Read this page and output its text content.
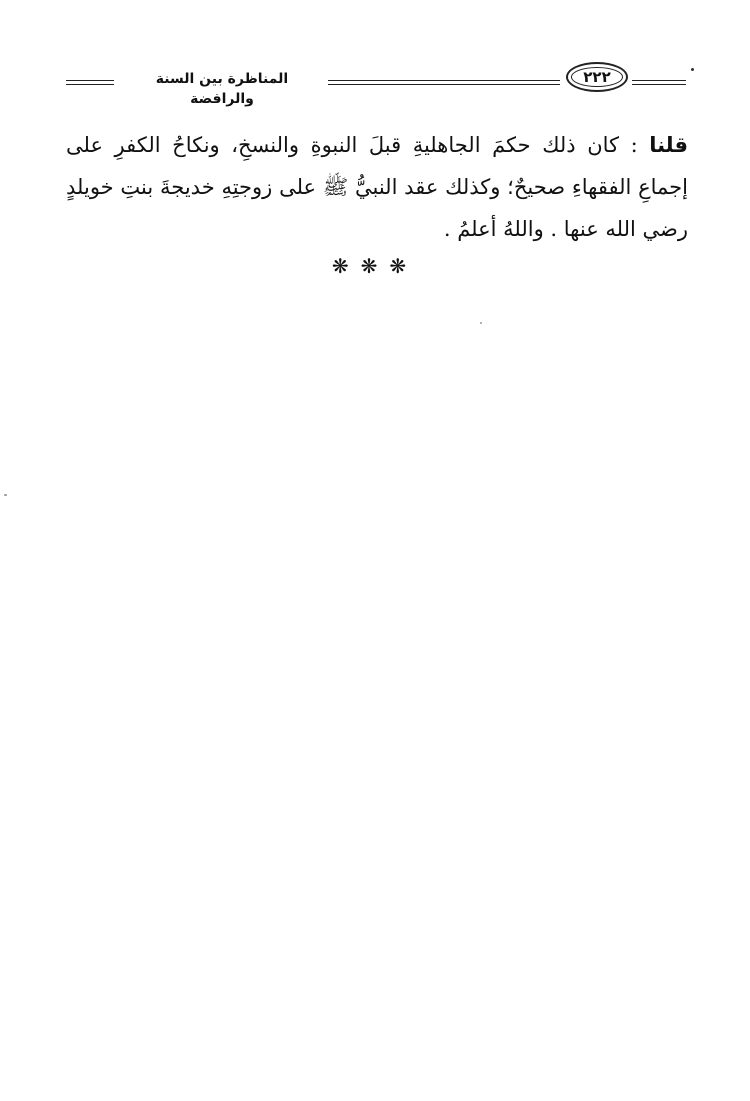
المناظرة بين السنة والرافضة
٢٢٢
قلنا : كان ذلك حكمَ الجاهليةِ قبلَ النبوةِ والنسخِ، ونكاحُ الكفرِ على إجماعِ الفقهاءِ صحيحٌ؛ وكذلك عقد النبيُّ ﷺ على زوجتِهِ خديجةَ بنتِ خويلدٍ رضي الله عنها . واللهُ أعلمُ .
❋❋❋
